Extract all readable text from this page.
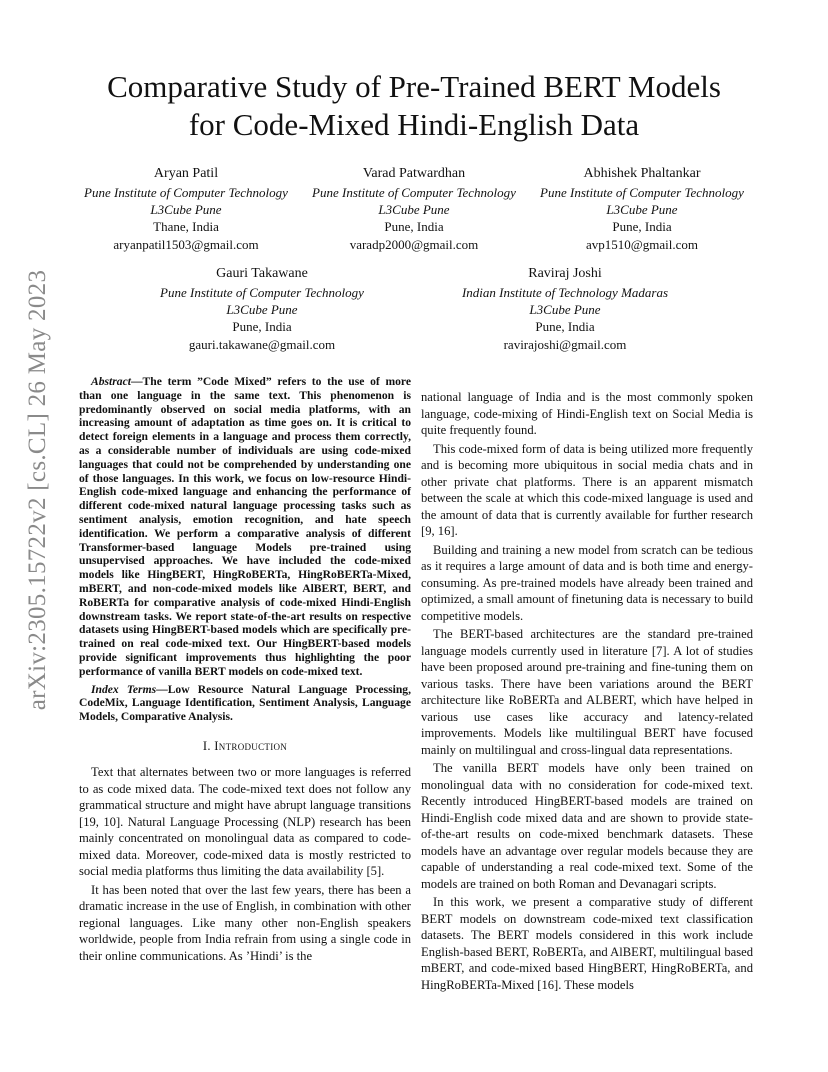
arXiv:2305.15722v2 [cs.CL] 26 May 2023
Comparative Study of Pre-Trained BERT Models
for Code-Mixed Hindi-English Data
Aryan Patil
Pune Institute of Computer Technology
L3Cube Pune
Thane, India
aryanpatil1503@gmail.com
Varad Patwardhan
Pune Institute of Computer Technology
L3Cube Pune
Pune, India
varadp2000@gmail.com
Abhishek Phaltankar
Pune Institute of Computer Technology
L3Cube Pune
Pune, India
avp1510@gmail.com
Gauri Takawane
Pune Institute of Computer Technology
L3Cube Pune
Pune, India
gauri.takawane@gmail.com
Raviraj Joshi
Indian Institute of Technology Madaras
L3Cube Pune
Pune, India
ravirajoshi@gmail.com

Abstract—The term ”Code Mixed” refers to the use of more than one language in the same text. This phenomenon is predominantly observed on social media platforms, with an increasing amount of adaptation as time goes on. It is critical to detect foreign elements in a language and process them correctly, as a considerable number of individuals are using code-mixed languages that could not be comprehended by understanding one of those languages. In this work, we focus on low-resource Hindi-English code-mixed language and enhancing the performance of different code-mixed natural language processing tasks such as sentiment analysis, emotion recognition, and hate speech identification. We perform a comparative analysis of different Transformer-based language Models pre-trained using unsupervised approaches. We have included the code-mixed models like HingBERT, HingRoBERTa, HingRoBERTa-Mixed, mBERT, and non-code-mixed models like AlBERT, BERT, and RoBERTa for comparative analysis of code-mixed Hindi-English downstream tasks. We report state-of-the-art results on respective datasets using HingBERT-based models which are specifically pre-trained on real code-mixed text. Our HingBERT-based models provide significant improvements thus highlighting the poor performance of vanilla BERT models on code-mixed text.

Index Terms—Low Resource Natural Language Processing, CodeMix, Language Identification, Sentiment Analysis, Language Models, Comparative Analysis.

I. Introduction

Text that alternates between two or more languages is referred to as code mixed data. The code-mixed text does not follow any grammatical structure and might have abrupt language transitions [19, 10]. Natural Language Processing (NLP) research has been mainly concentrated on monolingual data as compared to code-mixed data. Moreover, code-mixed data is mostly restricted to social media platforms thus limiting the data availability [5].

It has been noted that over the last few years, there has been a dramatic increase in the use of English, in combination with other regional languages. Like many other non-English speakers worldwide, people from India refrain from using a single code in their online communications. As ’Hindi’ is the

national language of India and is the most commonly spoken language, code-mixing of Hindi-English text on Social Media is quite frequently found.

This code-mixed form of data is being utilized more frequently and is becoming more ubiquitous in social media chats and in other private chat platforms. There is an apparent mismatch between the scale at which this code-mixed language is used and the amount of data that is currently available for further research [9, 16].

Building and training a new model from scratch can be tedious as it requires a large amount of data and is both time and energy-consuming. As pre-trained models have already been trained and optimized, a small amount of finetuning data is necessary to build competitive models.

The BERT-based architectures are the standard pre-trained language models currently used in literature [7]. A lot of studies have been proposed around pre-training and fine-tuning them on various tasks. There have been variations around the BERT architecture like RoBERTa and ALBERT, which have helped in various use cases like accuracy and latency-related improvements. Models like multilingual BERT have focused mainly on multilingual and cross-lingual data representations.

The vanilla BERT models have only been trained on monolingual data with no consideration for code-mixed text. Recently introduced HingBERT-based models are trained on Hindi-English code mixed data and are shown to provide state-of-the-art results on code-mixed benchmark datasets. These models have an advantage over regular models because they are capable of understanding a real code-mixed text. Some of the models are trained on both Roman and Devanagari scripts.

In this work, we present a comparative study of different BERT models on downstream code-mixed text classification datasets. The BERT models considered in this work include English-based BERT, RoBERTa, and AlBERT, multilingual based mBERT, and code-mixed based HingBERT, HingRoBERTa, and HingRoBERTa-Mixed [16]. These models
